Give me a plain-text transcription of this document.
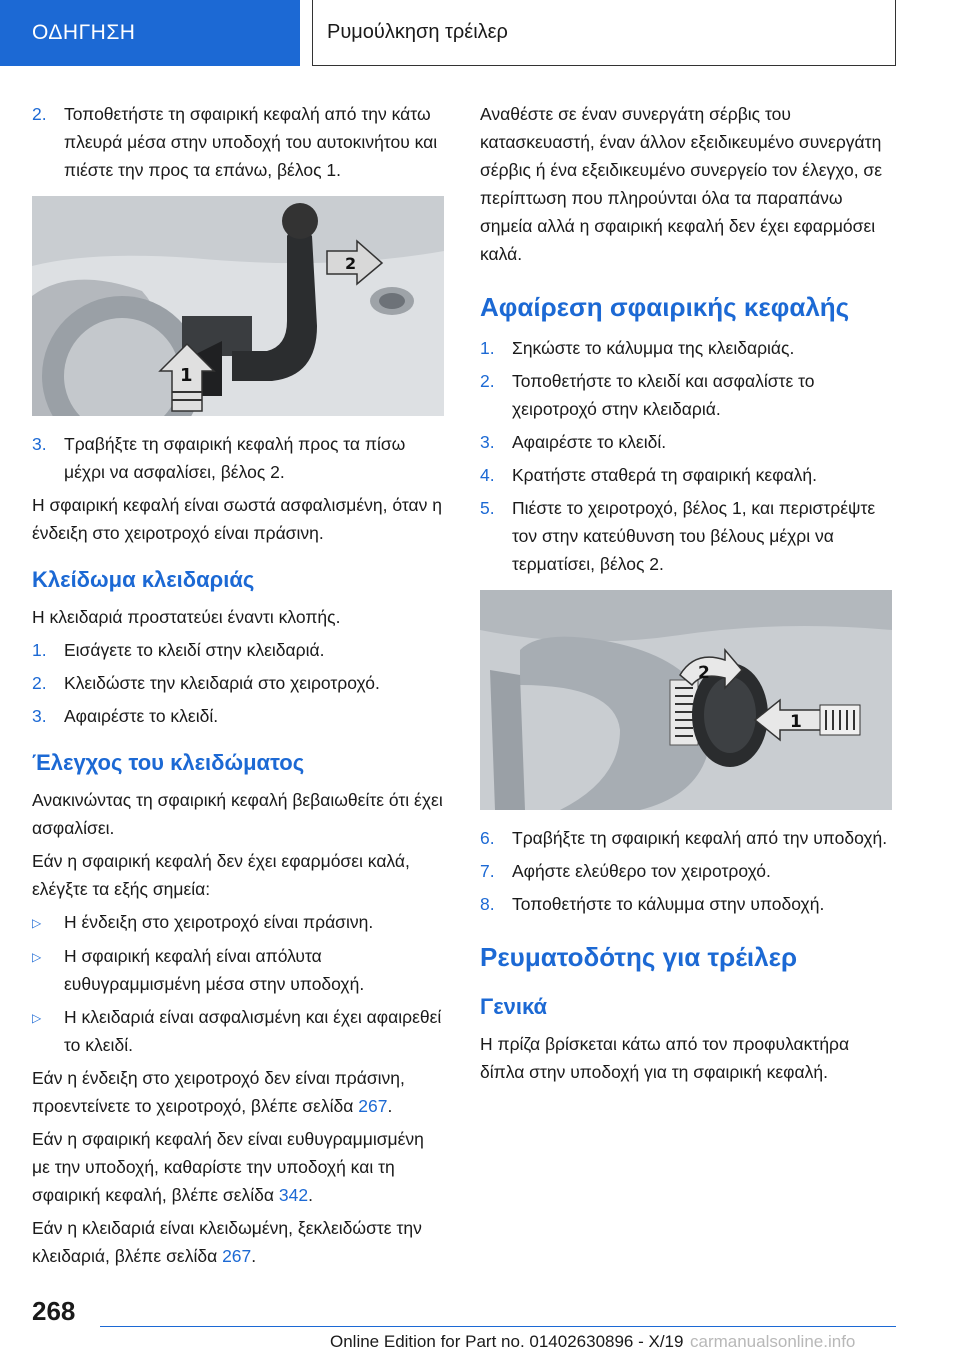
ΟΔΗΓΗΣΗ	Ρυμούλκηση τρέιλερ
2. Τοποθετήστε τη σφαιρική κεφαλή από την κάτω πλευρά μέσα στην υποδοχή του αυτοκινήτου και πιέστε την προς τα επάνω, βέλος 1.
2
1
3. Τραβήξτε τη σφαιρική κεφαλή προς τα πίσω μέχρι να ασφαλίσει, βέλος 2.

Η σφαιρική κεφαλή είναι σωστά ασφαλισμένη, όταν η ένδειξη στο χειροτροχό είναι πράσινη.

Κλείδωμα κλειδαριάς

Η κλειδαριά προστατεύει έναντι κλοπής.

1. Εισάγετε το κλειδί στην κλειδαριά.
2. Κλειδώστε την κλειδαριά στο χειροτροχό.
3. Αφαιρέστε το κλειδί.
Έλεγχος του κλειδώματος

Ανακινώντας τη σφαιρική κεφαλή βεβαιωθείτε ότι έχει ασφαλίσει.

Εάν η σφαιρική κεφαλή δεν έχει εφαρμόσει καλά, ελέγξτε τα εξής σημεία:

▷	Η ένδειξη στο χειροτροχό είναι πράσινη.
▷	Η σφαιρική κεφαλή είναι απόλυτα ευθυγραμμισμένη μέσα στην υποδοχή.
▷	Η κλειδαριά είναι ασφαλισμένη και έχει αφαιρεθεί το κλειδί.

Εάν η ένδειξη στο χειροτροχό δεν είναι πράσινη, προεντείνετε το χειροτροχό, βλέπε σελίδα 267.

Εάν η σφαιρική κεφαλή δεν είναι ευθυγραμμισμένη με την υποδοχή, καθαρίστε την υποδοχή και τη σφαιρική κεφαλή, βλέπε σελίδα 342.

Εάν η κλειδαριά είναι κλειδωμένη, ξεκλειδώστε την κλειδαριά, βλέπε σελίδα 267.

Αναθέστε σε έναν συνεργάτη σέρβις του κατασκευαστή, έναν άλλον εξειδικευμένο συνεργάτη σέρβις ή ένα εξειδικευμένο συνεργείο τον έλεγχο, σε περίπτωση που πληρούνται όλα τα παραπάνω σημεία αλλά η σφαιρική κεφαλή δεν έχει εφαρμόσει καλά.

Αφαίρεση σφαιρικής κεφαλής
1. Σηκώστε το κάλυμμα της κλειδαριάς.
2. Τοποθετήστε το κλειδί και ασφαλίστε το χειροτροχό στην κλειδαριά.
3. Αφαιρέστε το κλειδί.
4. Κρατήστε σταθερά τη σφαιρική κεφαλή.
5. Πιέστε το χειροτροχό, βέλος 1, και περιστρέψτε τον στην κατεύθυνση του βέλους μέχρι να τερματίσει, βέλος 2.
2
1
6. Τραβήξτε τη σφαιρική κεφαλή από την υποδοχή.
7. Αφήστε ελεύθερο τον χειροτροχό.
8. Τοποθετήστε το κάλυμμα στην υποδοχή.
Ρευματοδότης για τρέιλερ
Γενικά

Η πρίζα βρίσκεται κάτω από τον προφυλακτήρα δίπλα στην υποδοχή για τη σφαιρική κεφαλή.

268
carmanualsonline.info
Online Edition for Part no. 01402630896 - X/19
